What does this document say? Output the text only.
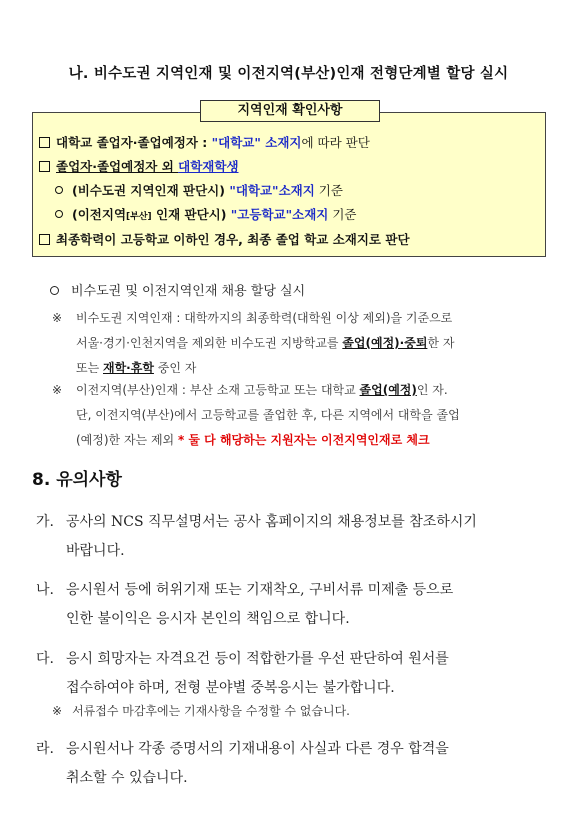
나. 비수도권 지역인재 및 이전지역(부산)인재 전형단계별 할당 실시
대학교 졸업자·졸업예정자 : "대학교" 소재지에 따라 판단
졸업자·졸업예정자 외 대학재학생
(비수도권 지역인재 판단시) "대학교"소재지 기준
(이전지역[부산] 인재 판단시) "고등학교"소재지 기준
최종학력이 고등학교 이하인 경우, 최종 졸업 학교 소재지로 판단
지역인재 확인사항
비수도권 및 이전지역인재 채용 할당 실시
※ 비수도권 지역인재 : 대학까지의 최종학력(대학원 이상 제외)을 기준으로
서울·경기·인천지역을 제외한 비수도권 지방학교를 졸업(예정)·중퇴한 자
또는 재학·휴학 중인 자
※ 이전지역(부산)인재 : 부산 소재 고등학교 또는 대학교 졸업(예정)인 자.
단, 이전지역(부산)에서 고등학교를 졸업한 후, 다른 지역에서 대학을 졸업
(예정)한 자는 제외 * 둘 다 해당하는 지원자는 이전지역인재로 체크
8. 유의사항
가. 공사의 NCS 직무설명서는 공사 홈페이지의 채용정보를 참조하시기
바랍니다.
나. 응시원서 등에 허위기재 또는 기재착오, 구비서류 미제출 등으로
인한 불이익은 응시자 본인의 책임으로 합니다.
다. 응시 희망자는 자격요건 등이 적합한가를 우선 판단하여 원서를
접수하여야 하며, 전형 분야별 중복응시는 불가합니다.
※ 서류접수 마감후에는 기재사항을 수정할 수 없습니다.
라. 응시원서나 각종 증명서의 기재내용이 사실과 다른 경우 합격을
취소할 수 있습니다.
